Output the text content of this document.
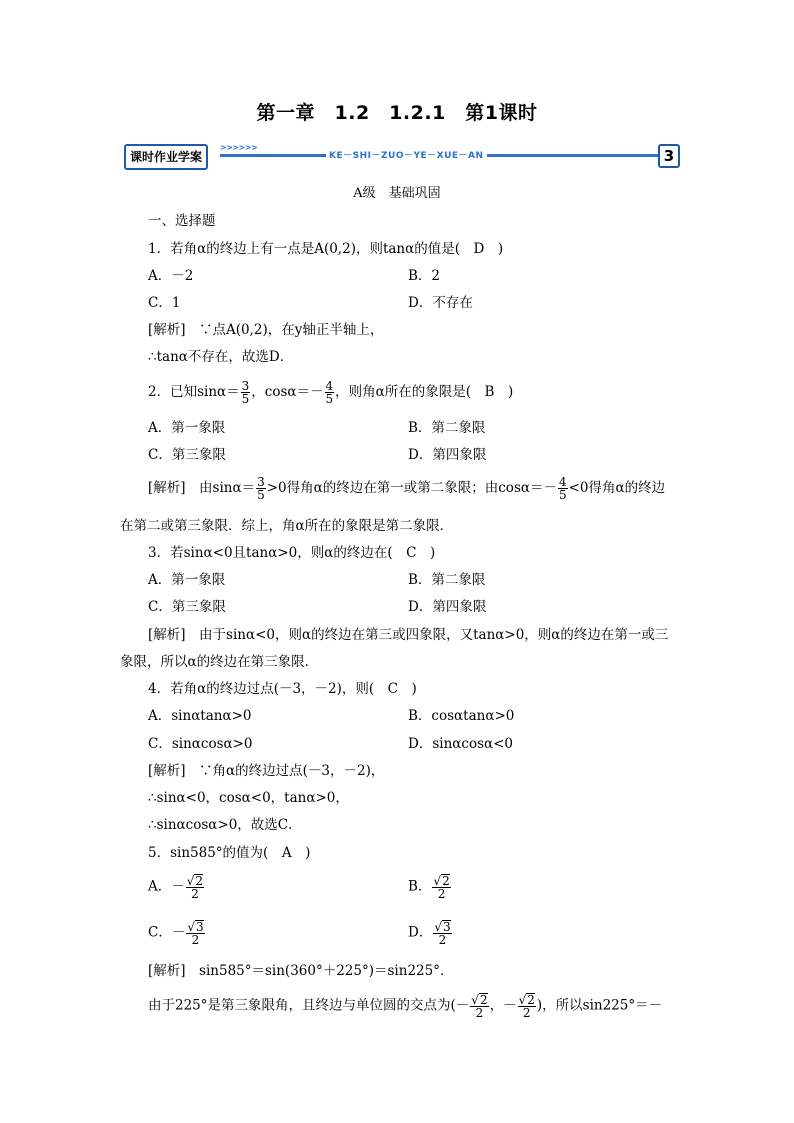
第一章　1.2　1.2.1　第1课时
>>>>>>
课时作业学案	KE－SHI－ZUO－YE－XUE－AN	3
A级　基础巩固
一、选择题
1．若角α的终边上有一点是A(0,2)，则tanα的值是(　D　)
A．－2	B．2
C．1	D．不存在
[解析]　∵点A(0,2)，在y轴正半轴上，
∴tanα不存在，故选D．
2．已知$\sin\alpha= \frac{3}{5}$ ，$\cos\alpha=- \frac{4}{5}$ ，则角α所在的象限是(　B　)
A．第一象限	B．第二象限
C．第三象限	D．第四象限
[解析]　由$\sin\alpha= \frac{3}{5} >0$得角α的终边在第一或第二象限；由$\cos\alpha=- \frac{4}{5} <0$得角α的终边
在第二或第三象限．综上，角α所在的象限是第二象限．
3．若sinα<0且tanα>0，则α的终边在(　C　)
A．第一象限	B．第二象限
C．第三象限	D．第四象限
[解析]　由于sinα<0，则α的终边在第三或四象限，又tanα>0，则α的终边在第一或三
象限，所以α的终边在第三象限．
4．若角α的终边过点(－3，－2)，则(　C　)
A．sinαtanα>0	B．cosαtanα>0
C．sinαcosα>0	D．sinαcosα<0
[解析]　∵角α的终边过点(－3，－2)，
∴sinα<0，cosα<0，tanα>0，
∴sinαcosα>0，故选C．
5．sin585°的值为(　A　)
A．－ $\frac{√2}{2}$	B． $\frac{√2}{2}$
C．－ $\frac{√3}{2}$	D． $\frac{√3}{2}$
[解析]　sin585°＝sin(360°＋225°)＝sin225°．
由于225°是第三象限角，且终边与单位圆的交点为(－ $\frac{√2}{2}$ ，－ $\frac{√2}{2}$ )，所以sin225°＝－
